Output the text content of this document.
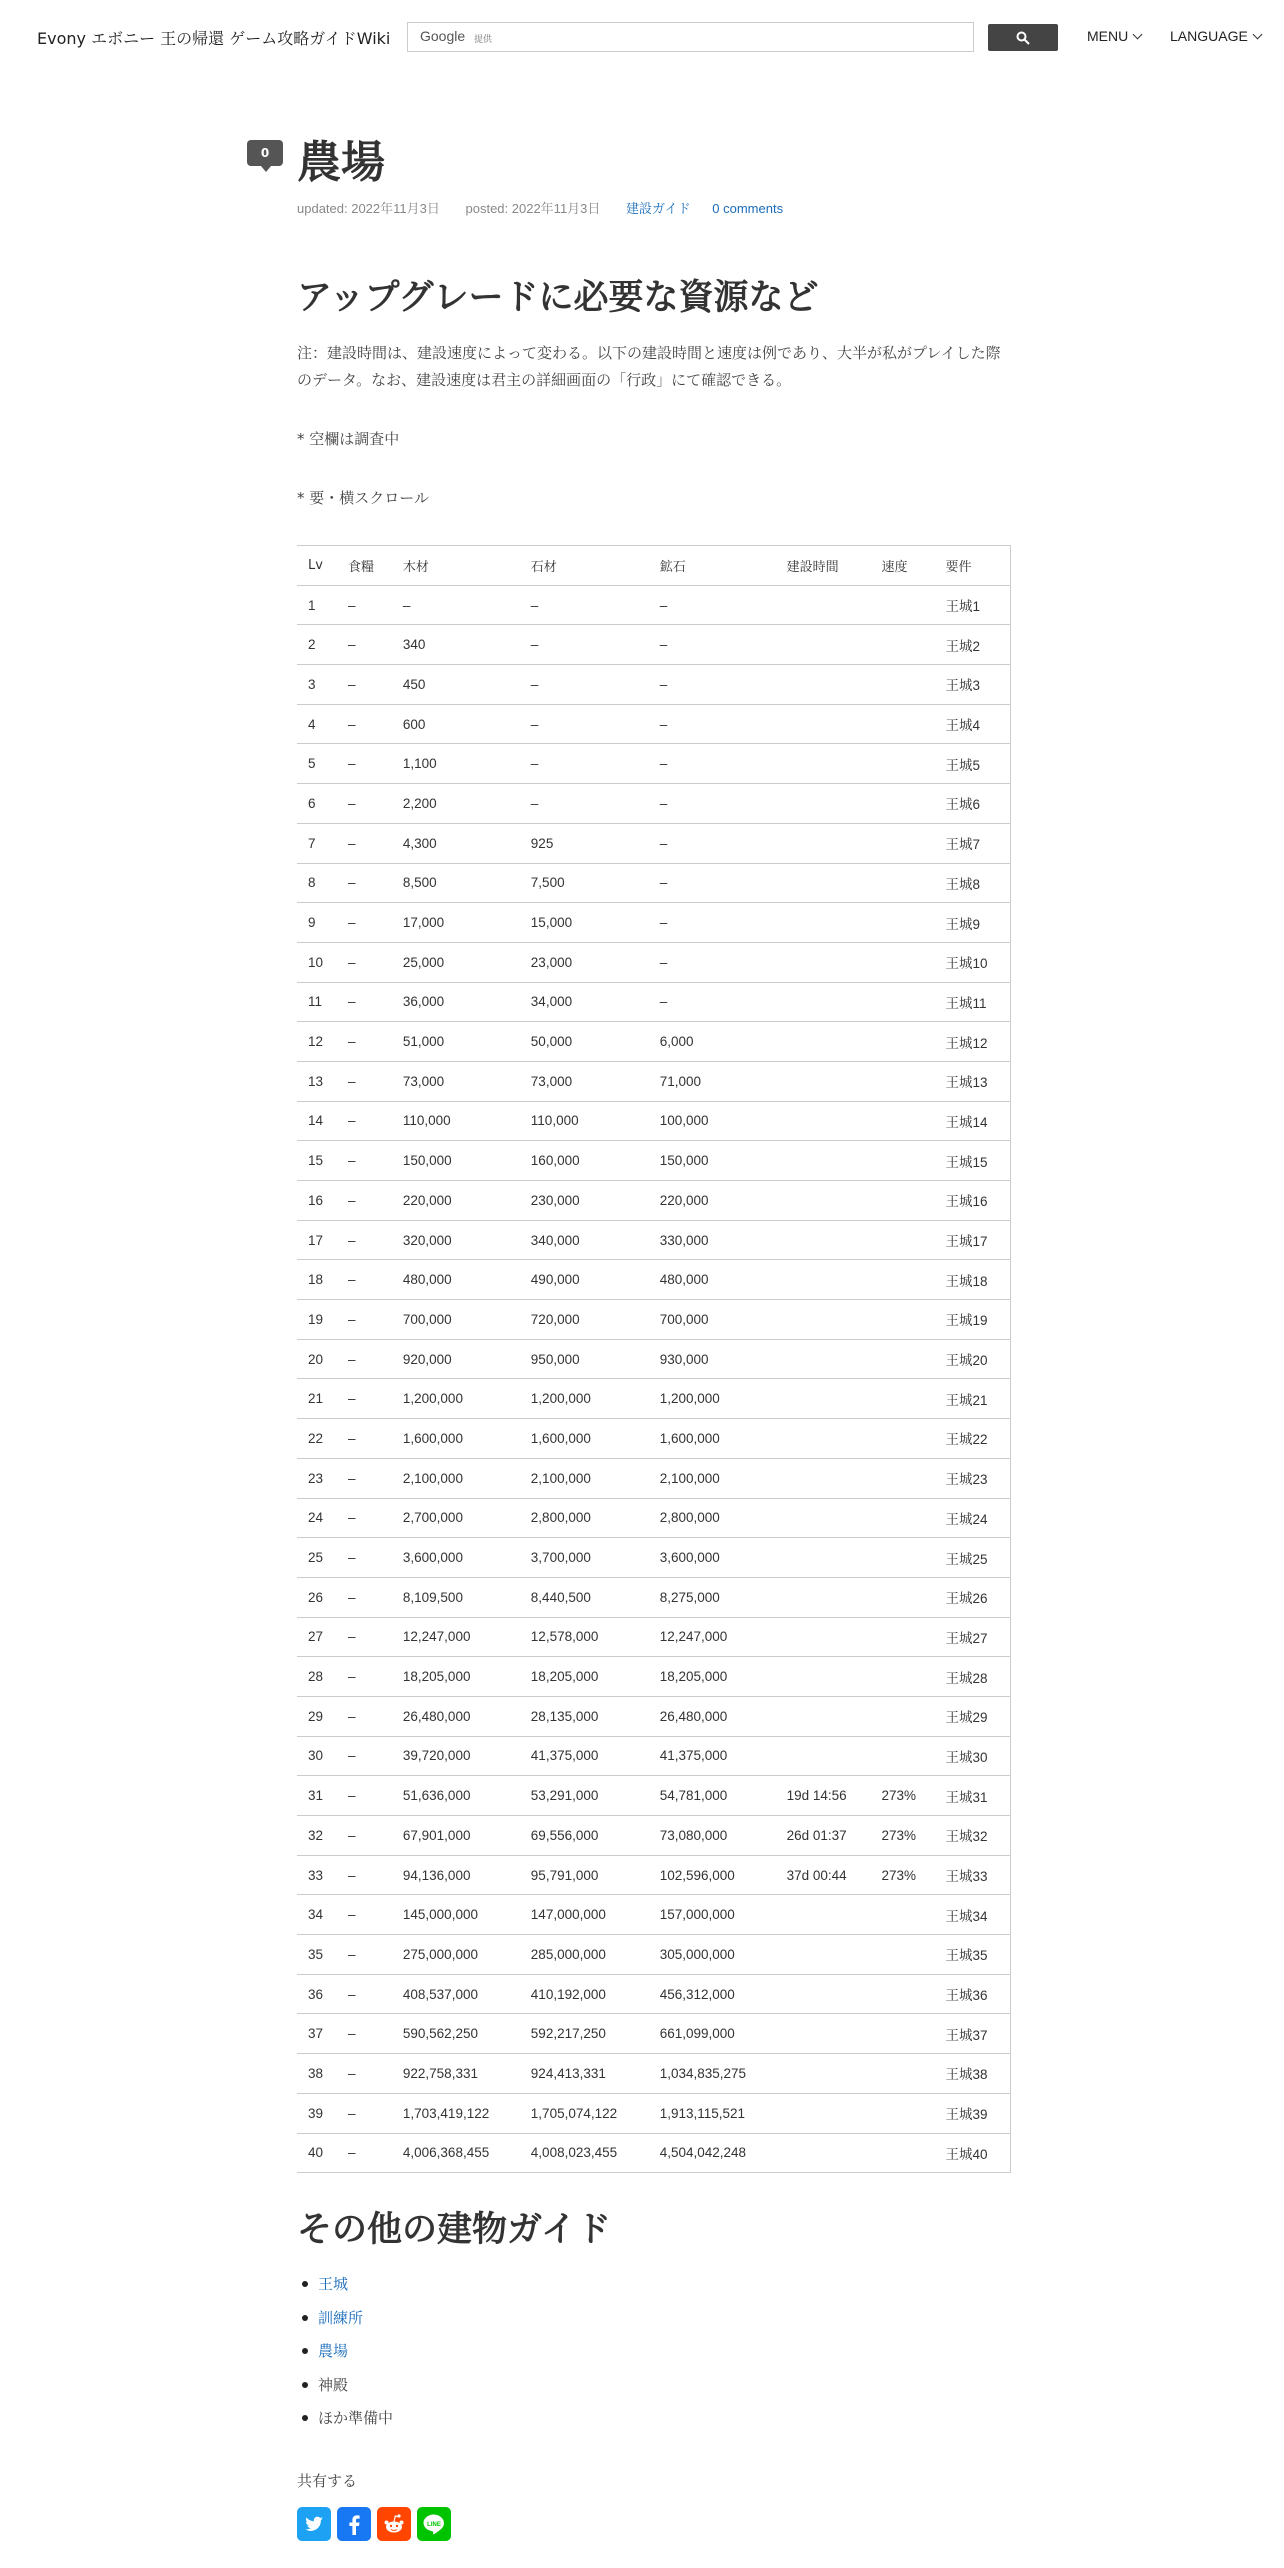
Evony エボニー 王の帰還 ゲーム攻略ガイドWiki Google 提供	MENU	LANGUAGE
0 農場
updated: 2022年11月3日 posted: 2022年11月3日 建設ガイド 0 comments
アップグレードに必要な資源など

注：建設時間は、建設速度によって変わる。以下の建設時間と速度は例であり、大半が私がプレイした際のデータ。なお、建設速度は君主の詳細画面の「行政」にて確認できる。

* 空欄は調査中

* 要・横スクロール

Lv	食糧	木材	石材	鉱石	建設時間	速度	要件
1	–	–	–	–			王城1
2	–	340	–	–			王城2
3	–	450	–	–			王城3
4	–	600	–	–			王城4
5	–	1,100	–	–			王城5
6	–	2,200	–	–			王城6
7	–	4,300	925	–			王城7
8	–	8,500	7,500	–			王城8
9	–	17,000	15,000	–			王城9
10	–	25,000	23,000	–			王城10
11	–	36,000	34,000	–			王城11
12	–	51,000	50,000	6,000			王城12
13	–	73,000	73,000	71,000			王城13
14	–	110,000	110,000	100,000			王城14
15	–	150,000	160,000	150,000			王城15
16	–	220,000	230,000	220,000			王城16
17	–	320,000	340,000	330,000			王城17
18	–	480,000	490,000	480,000			王城18
19	–	700,000	720,000	700,000			王城19
20	–	920,000	950,000	930,000			王城20
21	–	1,200,000	1,200,000	1,200,000			王城21
22	–	1,600,000	1,600,000	1,600,000			王城22
23	–	2,100,000	2,100,000	2,100,000			王城23
24	–	2,700,000	2,800,000	2,800,000			王城24
25	–	3,600,000	3,700,000	3,600,000			王城25
26	–	8,109,500	8,440,500	8,275,000			王城26
27	–	12,247,000	12,578,000	12,247,000			王城27
28	–	18,205,000	18,205,000	18,205,000			王城28
29	–	26,480,000	28,135,000	26,480,000			王城29
30	–	39,720,000	41,375,000	41,375,000			王城30
31	–	51,636,000	53,291,000	54,781,000	19d 14:56	273%	王城31
32	–	67,901,000	69,556,000	73,080,000	26d 01:37	273%	王城32
33	–	94,136,000	95,791,000	102,596,000	37d 00:44	273%	王城33
34	–	145,000,000	147,000,000	157,000,000			王城34
35	–	275,000,000	285,000,000	305,000,000			王城35
36	–	408,537,000	410,192,000	456,312,000			王城36
37	–	590,562,250	592,217,250	661,099,000			王城37
38	–	922,758,331	924,413,331	1,034,835,275			王城38
39	–	1,703,419,122	1,705,074,122	1,913,115,521			王城39
40	–	4,006,368,455	4,008,023,455	4,504,042,248			王城40
その他の建物ガイド
王城
訓練所
農場
神殿
ほか準備中

共有する

LINE
